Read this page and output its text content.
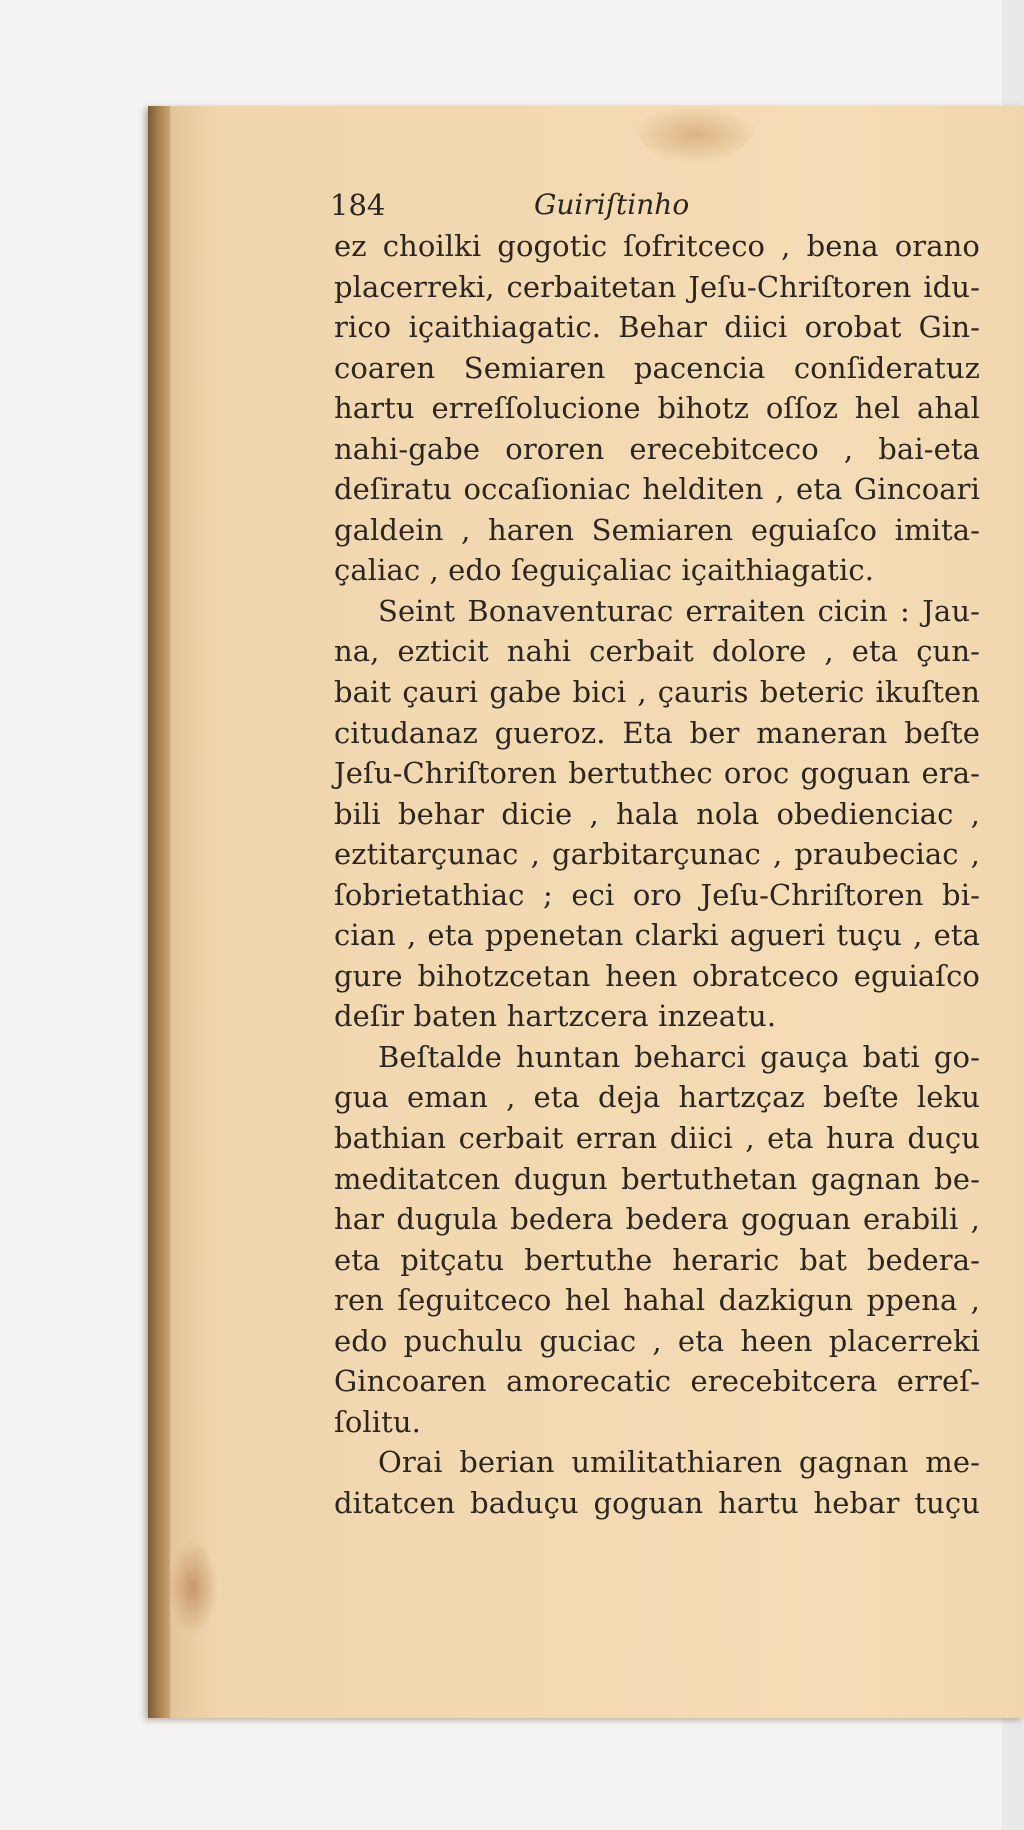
184	Guiriſtinho
ez choilki gogotic ſofritceco , bena orano
placerreki, cerbaitetan Jeſu-Chriſtoren idu-
rico içaithiagatic. Behar diici orobat Gin-
coaren Semiaren pacencia conſideratuz
hartu erreſſolucione bihotz oſſoz hel ahal
nahi-gabe ororen erecebitceco , bai-eta
deſiratu occaſioniac helditen , eta Gincoari
galdein , haren Semiaren eguiaſco imita-
çaliac , edo ſeguiçaliac içaithiagatic.
Seint Bonaventurac erraiten cicin : Jau-
na, ezticit nahi cerbait dolore , eta çun-
bait çauri gabe bici , çauris beteric ikuſten
citudanaz gueroz. Eta ber maneran beſte
Jeſu-Chriſtoren bertuthec oroc goguan era-
bili behar dicie , hala nola obedienciac ,
eztitarçunac , garbitarçunac , praubeciac ,
ſobrietathiac ; eci oro Jeſu-Chriſtoren bi-
cian , eta ppenetan clarki agueri tuçu , eta
gure bihotzcetan heen obratceco eguiaſco
deſir baten hartzcera inzeatu.
Beſtalde huntan beharci gauça bati go-
gua eman , eta deja hartzçaz beſte leku
bathian cerbait erran diici , eta hura duçu
meditatcen dugun bertuthetan gagnan be-
har dugula bedera bedera goguan erabili ,
eta pitçatu bertuthe heraric bat bedera-
ren ſeguitceco hel hahal dazkigun ppena ,
edo puchulu guciac , eta heen placerreki
Gincoaren amorecatic erecebitcera erreſ-
ſolitu.
Orai berian umilitathiaren gagnan me-
ditatcen baduçu goguan hartu hebar tuçu
